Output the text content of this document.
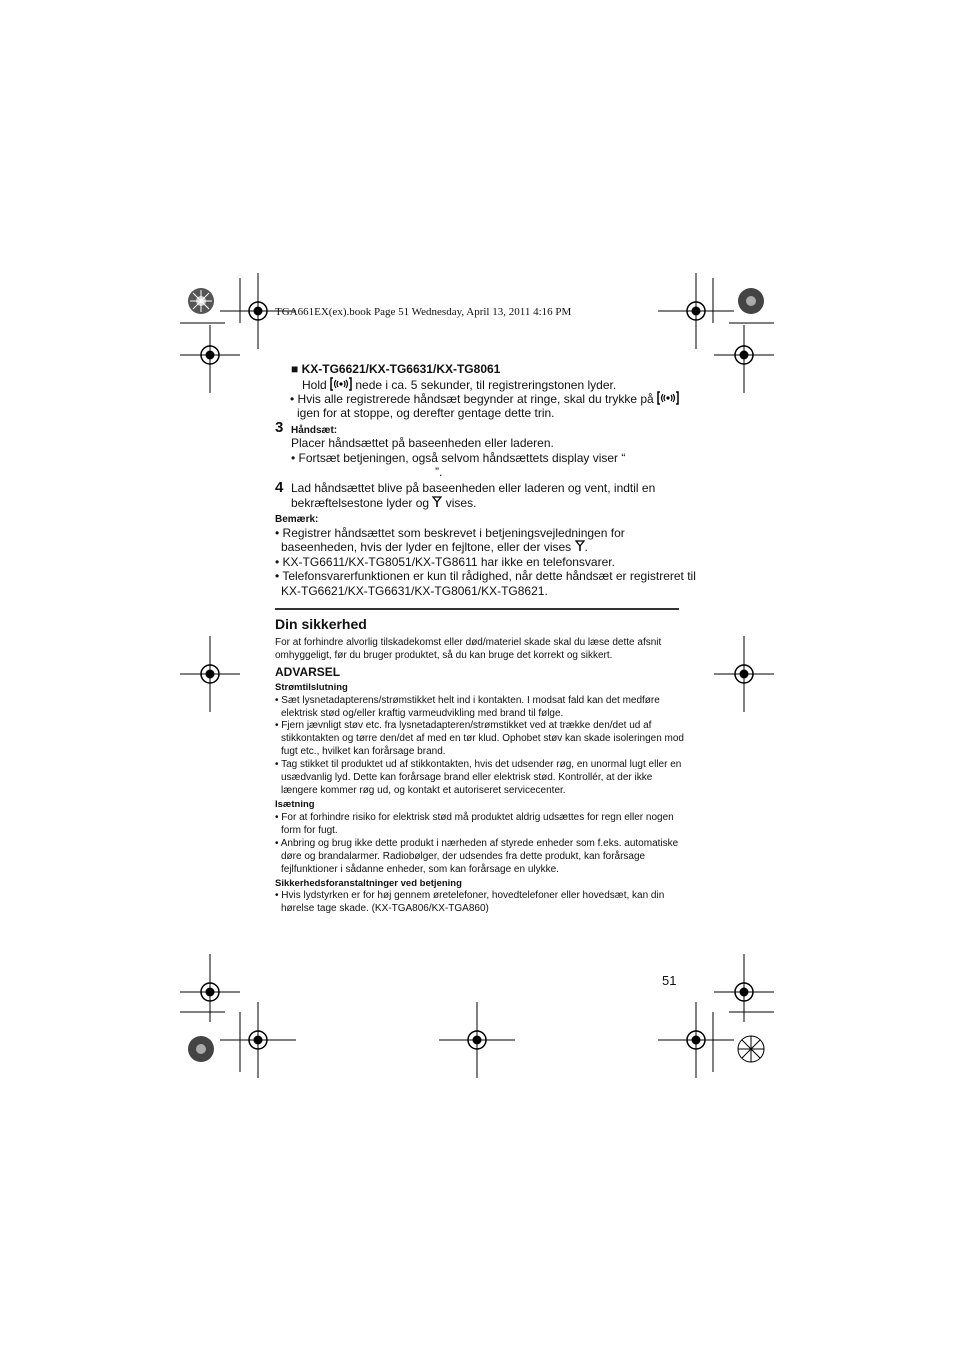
TGA661EX(ex).book Page 51 Wednesday, April 13, 2011 4:16 PM
■ KX-TG6621/KX-TG6631/KX-TG8061
Hold  nede i ca. 5 sekunder, til registreringstonen lyder.
• Hvis alle registrerede håndsæt begynder at ringe, skal du trykke på
igen for at stoppe, og derefter gentage dette trin.
3 Håndsæt:
Placer håndsættet på baseenheden eller laderen.
• Fortsæt betjeningen, også selvom håndsættets display viser “
”.
4 Lad håndsættet blive på baseenheden eller laderen og vent, indtil en
bekræftelsestone lyder og  vises.
Bemærk:
• Registrer håndsættet som beskrevet i betjeningsvejledningen for
baseenheden, hvis der lyder en fejltone, eller der vises .
• KX-TG6611/KX-TG8051/KX-TG8611 har ikke en telefonsvarer.
• Telefonsvarerfunktionen er kun til rådighed, når dette håndsæt er registreret til
KX-TG6621/KX-TG6631/KX-TG8061/KX-TG8621.
Din sikkerhed
For at forhindre alvorlig tilskadekomst eller død/materiel skade skal du læse dette afsnit
omhyggeligt, før du bruger produktet, så du kan bruge det korrekt og sikkert.
ADVARSEL
Strømtilslutning
• Sæt lysnetadapterens/strømstikket helt ind i kontakten. I modsat fald kan det medføre
elektrisk stød og/eller kraftig varmeudvikling med brand til følge.
• Fjern jævnligt støv etc. fra lysnetadapteren/strømstikket ved at trække den/det ud af
stikkontakten og tørre den/det af med en tør klud. Ophobet støv kan skade isoleringen mod
fugt etc., hvilket kan forårsage brand.
• Tag stikket til produktet ud af stikkontakten, hvis det udsender røg, en unormal lugt eller en
usædvanlig lyd. Dette kan forårsage brand eller elektrisk stød. Kontrollér, at der ikke
længere kommer røg ud, og kontakt et autoriseret servicecenter.
Isætning
• For at forhindre risiko for elektrisk stød må produktet aldrig udsættes for regn eller nogen
form for fugt.
• Anbring og brug ikke dette produkt i nærheden af styrede enheder som f.eks. automatiske
døre og brandalarmer. Radiobølger, der udsendes fra dette produkt, kan forårsage
fejlfunktioner i sådanne enheder, som kan forårsage en ulykke.
Sikkerhedsforanstaltninger ved betjening
• Hvis lydstyrken er for høj gennem øretelefoner, hovedtelefoner eller hovedsæt, kan din
hørelse tage skade. (KX-TGA806/KX-TGA860)
51
